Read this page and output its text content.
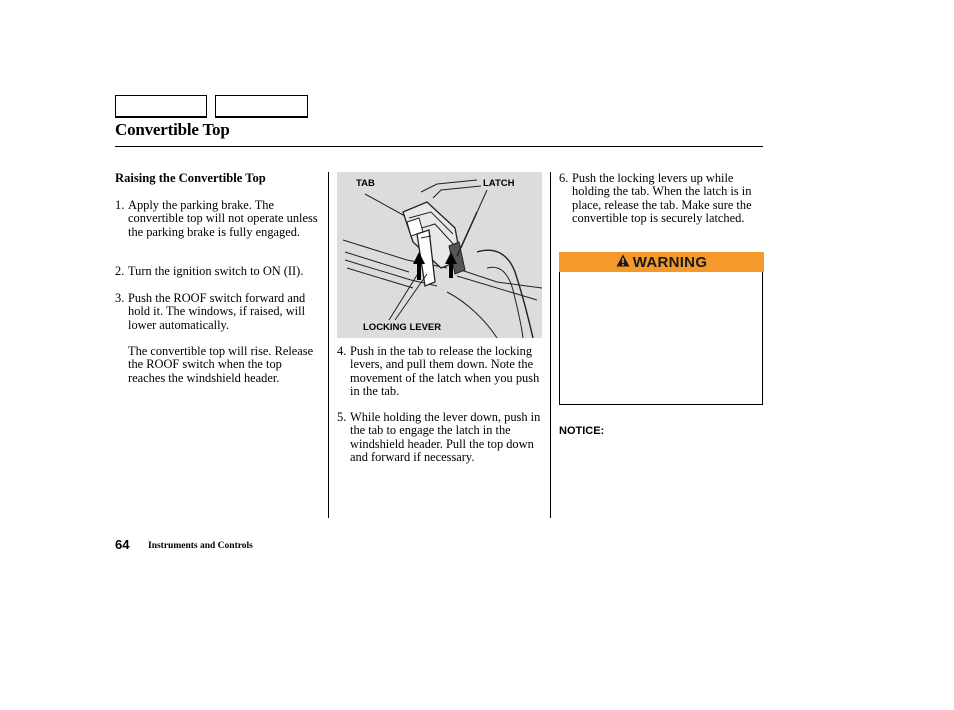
Convertible Top
Raising the Convertible Top
1. Apply the parking brake. The convertible top will not operate unless the parking brake is fully engaged.
2. Turn the ignition switch to ON (II).
3. Push the ROOF switch forward and hold it. The windows, if raised, will lower automatically.
The convertible top will rise. Release the ROOF switch when the top reaches the windshield header.
TAB	LATCH
LOCKING LEVER
4. Push in the tab to release the locking levers, and pull them down. Note the movement of the latch when you push in the tab.
5. While holding the lever down, push in the tab to engage the latch in the windshield header. Pull the top down and forward if necessary.
6. Push the locking levers up while holding the tab. When the latch is in place, release the tab. Make sure the convertible top is securely latched.
WARNING
NOTICE:
64 Instruments and Controls
